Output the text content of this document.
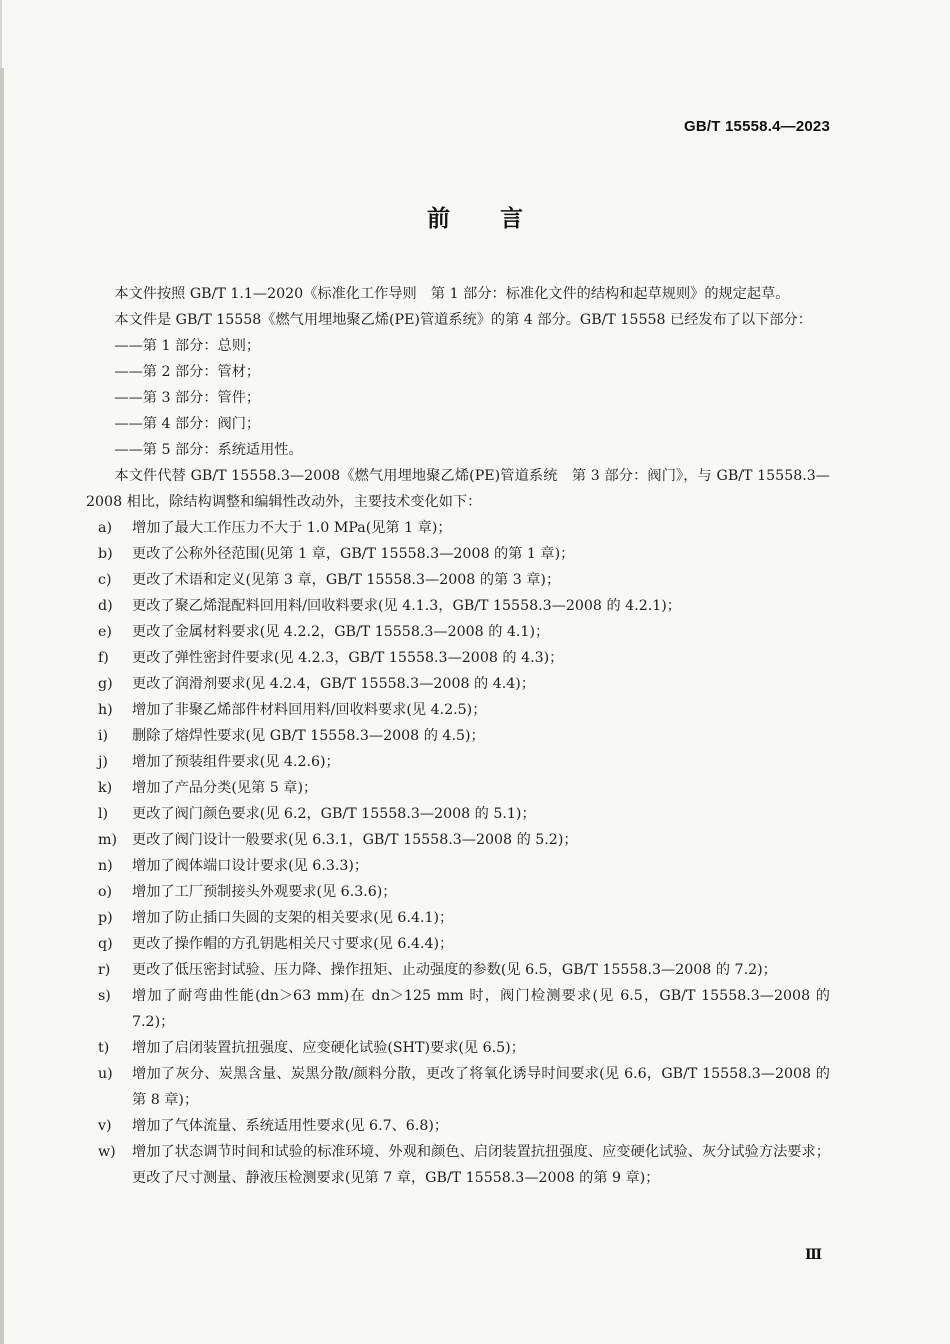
GB/T 15558.4—2023
前言

本文件按照 GB/T 1.1—2020《标准化工作导则　第 1 部分：标准化文件的结构和起草规则》的规定起草。

本文件是 GB/T 15558《燃气用埋地聚乙烯(PE)管道系统》的第 4 部分。GB/T 15558 已经发布了以下部分：

——第 1 部分：总则；

——第 2 部分：管材；

——第 3 部分：管件；

——第 4 部分：阀门；

——第 5 部分：系统适用性。

本文件代替 GB/T 15558.3—2008《燃气用埋地聚乙烯(PE)管道系统　第 3 部分：阀门》，与 GB/T 15558.3—2008 相比，除结构调整和编辑性改动外，主要技术变化如下：

a)	增加了最大工作压力不大于 1.0 MPa(见第 1 章)；
b)	更改了公称外径范围(见第 1 章，GB/T 15558.3—2008 的第 1 章)；
c)	更改了术语和定义(见第 3 章，GB/T 15558.3—2008 的第 3 章)；
d)	更改了聚乙烯混配料回用料/回收料要求(见 4.1.3，GB/T 15558.3—2008 的 4.2.1)；
e)	更改了金属材料要求(见 4.2.2，GB/T 15558.3—2008 的 4.1)；
f)	更改了弹性密封件要求(见 4.2.3，GB/T 15558.3—2008 的 4.3)；
g)	更改了润滑剂要求(见 4.2.4，GB/T 15558.3—2008 的 4.4)；
h)	增加了非聚乙烯部件材料回用料/回收料要求(见 4.2.5)；
i)	删除了熔焊性要求(见 GB/T 15558.3—2008 的 4.5)；
j)	增加了预装组件要求(见 4.2.6)；
k)	增加了产品分类(见第 5 章)；
l)	更改了阀门颜色要求(见 6.2，GB/T 15558.3—2008 的 5.1)；
m)	更改了阀门设计一般要求(见 6.3.1，GB/T 15558.3—2008 的 5.2)；
n)	增加了阀体端口设计要求(见 6.3.3)；
o)	增加了工厂预制接头外观要求(见 6.3.6)；
p)	增加了防止插口失圆的支架的相关要求(见 6.4.1)；
q)	更改了操作帽的方孔钥匙相关尺寸要求(见 6.4.4)；
r)	更改了低压密封试验、压力降、操作扭矩、止动强度的参数(见 6.5，GB/T 15558.3—2008 的 7.2)；
s)	增加了耐弯曲性能(dn＞63 mm)在 dn＞125 mm 时，阀门检测要求(见 6.5，GB/T 15558.3—2008 的 7.2)；
t)	增加了启闭装置抗扭强度、应变硬化试验(SHT)要求(见 6.5)；
u)	增加了灰分、炭黑含量、炭黑分散/颜料分散，更改了将氧化诱导时间要求(见 6.6，GB/T 15558.3—2008 的第 8 章)；
v)	增加了气体流量、系统适用性要求(见 6.7、6.8)；
w)	增加了状态调节时间和试验的标准环境、外观和颜色、启闭装置抗扭强度、应变硬化试验、灰分试验方法要求；更改了尺寸测量、静液压检测要求(见第 7 章，GB/T 15558.3—2008 的第 9 章)；
Ⅲ
